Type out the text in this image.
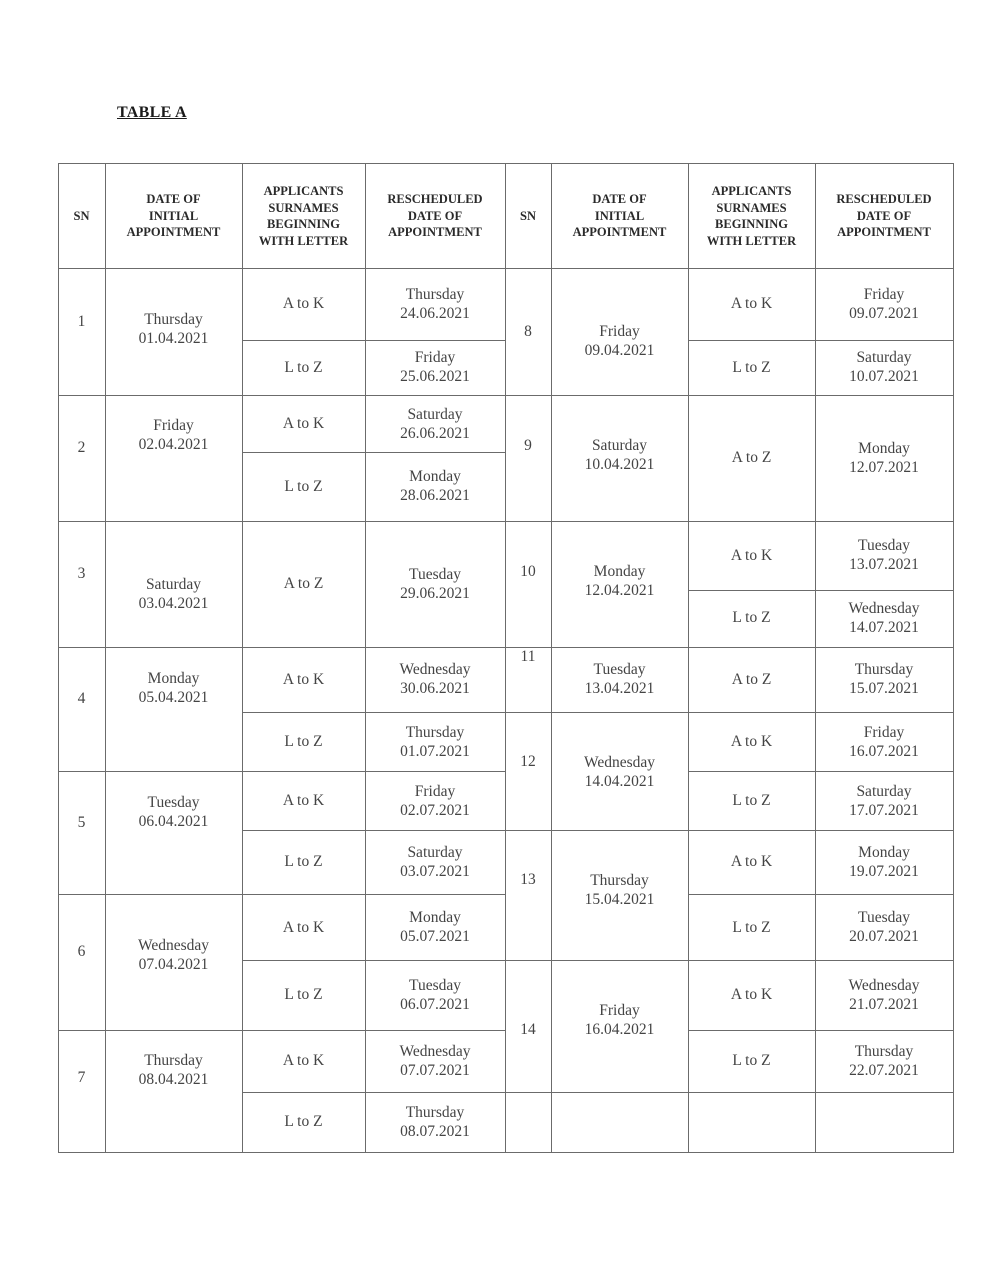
TABLE A
SN
DATE OF
INITIAL
APPOINTMENT
APPLICANTS
SURNAMES
BEGINNING
WITH LETTER
RESCHEDULED
DATE OF
APPOINTMENT
SN
DATE OF
INITIAL
APPOINTMENT
APPLICANTS
SURNAMES
BEGINNING
WITH LETTER
RESCHEDULED
DATE OF
APPOINTMENT
1
2
3
4
5
6
7
Thursday
01.04.2021
Friday
02.04.2021
Saturday
03.04.2021
Monday
05.04.2021
Tuesday
06.04.2021
Wednesday
07.04.2021
Thursday
08.04.2021
A to K
L to Z
A to K
L to Z
A to Z
A to K
L to Z
A to K
L to Z
A to K
L to Z
A to K
L to Z
Thursday
24.06.2021
Friday
25.06.2021
Saturday
26.06.2021
Monday
28.06.2021
Tuesday
29.06.2021
Wednesday
30.06.2021
Thursday
01.07.2021
Friday
02.07.2021
Saturday
03.07.2021
Monday
05.07.2021
Tuesday
06.07.2021
Wednesday
07.07.2021
Thursday
08.07.2021
8
9
10
11
12
13
14
Friday
09.04.2021
Saturday
10.04.2021
Monday
12.04.2021
Tuesday
13.04.2021
Wednesday
14.04.2021
Thursday
15.04.2021
Friday
16.04.2021
A to K
L to Z
A to Z
A to K
L to Z
A to Z
A to K
L to Z
A to K
L to Z
A to K
L to Z
Friday
09.07.2021
Saturday
10.07.2021
Monday
12.07.2021
Tuesday
13.07.2021
Wednesday
14.07.2021
Thursday
15.07.2021
Friday
16.07.2021
Saturday
17.07.2021
Monday
19.07.2021
Tuesday
20.07.2021
Wednesday
21.07.2021
Thursday
22.07.2021
